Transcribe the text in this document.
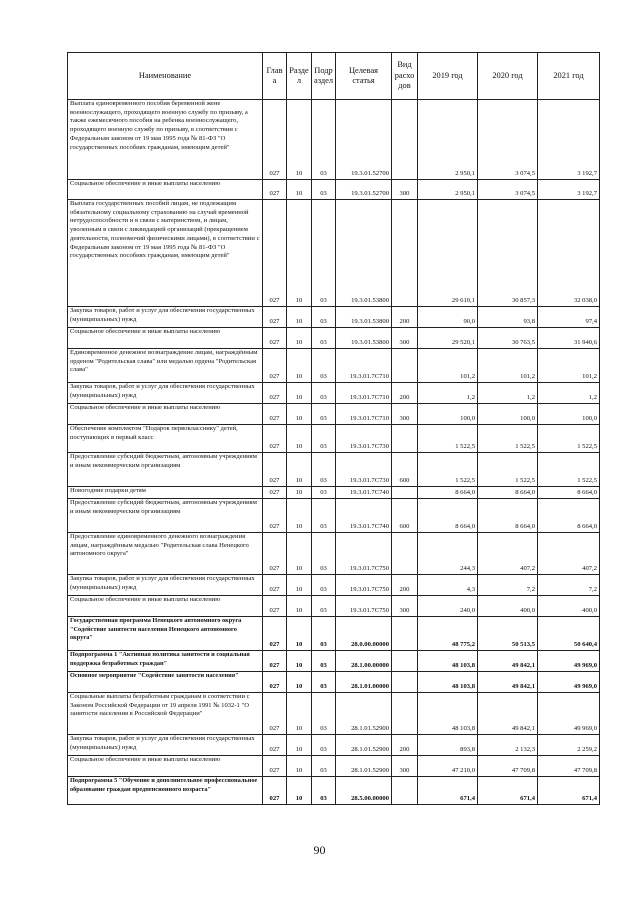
Наименование	Глав а	Разде л	Подр аздел	Целевая статья	Вид расхо дов	2019 год	2020 год	2021 год
Выплата единовременного пособия беременной жене военнослужащего, проходящего военную службу по призыву, а также ежемесячного пособия на ребенка военнослужащего, проходящего военную службу по призыву, в соответствии с Федеральным законом от 19 мая 1995 года № 81-ФЗ "О государственных пособиях гражданам, имеющим детей"	027	10	03	19.3.01.52700		2 950,1	3 074,5	3 192,7
Социальное обеспечение и иные выплаты населению	027	10	03	19.3.01.52700	300	2 950,1	3 074,5	3 192,7
Выплата государственных пособий лицам, не подлежащим обязательному социальному страхованию на случай временной нетрудоспособности и в связи с материнством, и лицам, уволенным в связи с ликвидацией организаций (прекращением деятельности, полномочий физическими лицами), в соответствии с Федеральным законом от 19 мая 1995 года № 81-ФЗ "О государственных пособиях гражданам, имеющим детей"	027	10	03	19.3.01.53800		29 610,1	30 857,3	32 038,0
Закупка товаров, работ и услуг для обеспечения государственных (муниципальных) нужд	027	10	03	19.3.01.53800	200	90,0	93,8	97,4
Социальное обеспечение и иные выплаты населению	027	10	03	19.3.01.53800	300	29 520,1	30 763,5	31 940,6
Единовременное денежное вознаграждение лицам, награждённым орденом "Родительская слава" или медалью ордена "Родительская слава"	027	10	03	19.3.01.7С710		101,2	101,2	101,2
Закупка товаров, работ и услуг для обеспечения государственных (муниципальных) нужд	027	10	03	19.3.01.7С710	200	1,2	1,2	1,2
Социальное обеспечение и иные выплаты населению	027	10	03	19.3.01.7С710	300	100,0	100,0	100,0
Обеспечение комплектом "Подарок первокласснику" детей, поступающих в первый класс	027	10	03	19.3.01.7С730		1 522,5	1 522,5	1 522,5
Предоставление субсидий бюджетным, автономным учреждениям и иным некоммерческим организациям	027	10	03	19.3.01.7С730	600	1 522,5	1 522,5	1 522,5
Новогодние подарки детям	027	10	03	19.3.01.7С740		8 664,0	8 664,0	8 664,0
Предоставление субсидий бюджетным, автономным учреждениям и иным некоммерческим организациям	027	10	03	19.3.01.7С740	600	8 664,0	8 664,0	8 664,0
Предоставление единовременного денежного вознаграждения лицам, награждённым медалью "Родительская слава Ненецкого автономного округа"	027	10	03	19.3.01.7С750		244,3	407,2	407,2
Закупка товаров, работ и услуг для обеспечения государственных (муниципальных) нужд	027	10	03	19.3.01.7С750	200	4,3	7,2	7,2
Социальное обеспечение и иные выплаты населению	027	10	03	19.3.01.7С750	300	240,0	400,0	400,0
Государственная программа Ненецкого автономного округа "Содействие занятости населения Ненецкого автономного округа"	027	10	03	28.0.00.00000		48 775,2	50 513,5	50 640,4
Подпрограмма 1 "Активная политика занятости и социальная поддержка безработных граждан"	027	10	03	28.1.00.00000		48 103,8	49 842,1	49 969,0
Основное мероприятие "Содействие занятости населения"	027	10	03	28.1.01.00000		48 103,8	49 842,1	49 969,0
Социальные выплаты безработным гражданам в соответствии с Законом Российской Федерации от 19 апреля 1991 № 1032-1 "О занятости населения в Российской Федерации"	027	10	03	28.1.01.52900		48 103,8	49 842,1	49 969,0
Закупка товаров, работ и услуг для обеспечения государственных (муниципальных) нужд	027	10	03	28.1.01.52900	200	893,8	2 132,3	2 259,2
Социальное обеспечение и иные выплаты населению	027	10	03	28.1.01.52900	300	47 210,0	47 709,8	47 709,8
Подпрограмма 5 "Обучение и дополнительное профессиональное образование граждан предпенсионного возраста"	027	10	03	28.5.00.00000		671,4	671,4	671,4
90
